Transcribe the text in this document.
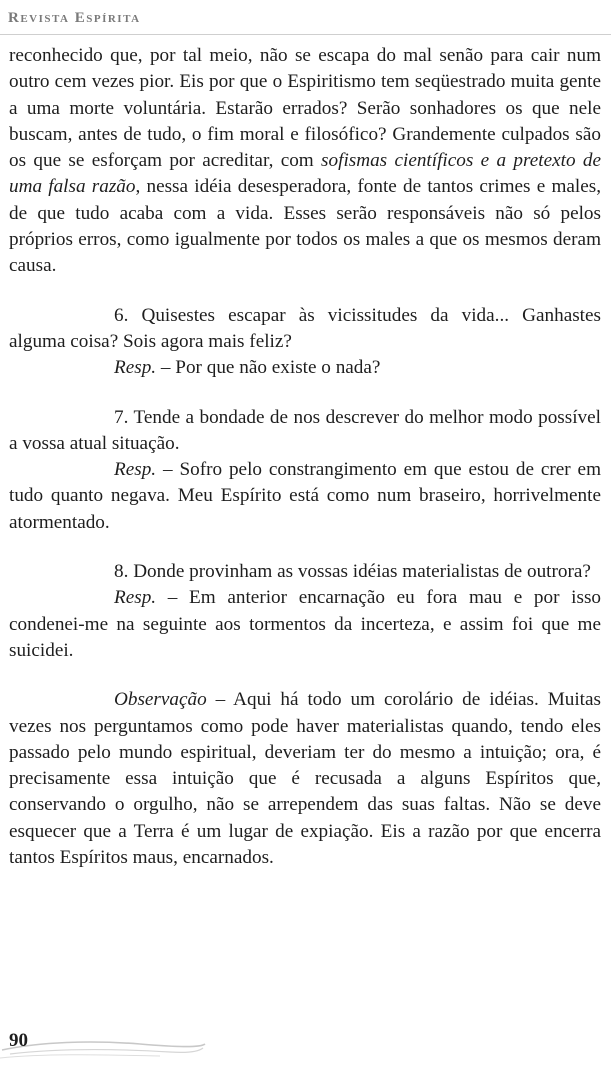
Revista Espírita

reconhecido que, por tal meio, não se escapa do mal senão para cair num outro cem vezes pior. Eis por que o Espiritismo tem seqüestrado muita gente a uma morte voluntária. Estarão errados? Serão sonhadores os que nele buscam, antes de tudo, o fim moral e filosófico? Grandemente culpados são os que se esforçam por acreditar, com sofismas científicos e a pretexto de uma falsa razão, nessa idéia desesperadora, fonte de tantos crimes e males, de que tudo acaba com a vida. Esses serão responsáveis não só pelos próprios erros, como igualmente por todos os males a que os mesmos deram causa.

6. Quisestes escapar às vicissitudes da vida... Ganhastes alguma coisa? Sois agora mais feliz?

Resp. – Por que não existe o nada?

7. Tende a bondade de nos descrever do melhor modo possível a vossa atual situação.

Resp. – Sofro pelo constrangimento em que estou de crer em tudo quanto negava. Meu Espírito está como num braseiro, horrivelmente atormentado.

8. Donde provinham as vossas idéias materialistas de outrora?

Resp. – Em anterior encarnação eu fora mau e por isso condenei-me na seguinte aos tormentos da incerteza, e assim foi que me suicidei.

Observação – Aqui há todo um corolário de idéias. Muitas vezes nos perguntamos como pode haver materialistas quando, tendo eles passado pelo mundo espiritual, deveriam ter do mesmo a intuição; ora, é precisamente essa intuição que é recusada a alguns Espíritos que, conservando o orgulho, não se arrependem das suas faltas. Não se deve esquecer que a Terra é um lugar de expiação. Eis a razão por que encerra tantos Espíritos maus, encarnados.

90
